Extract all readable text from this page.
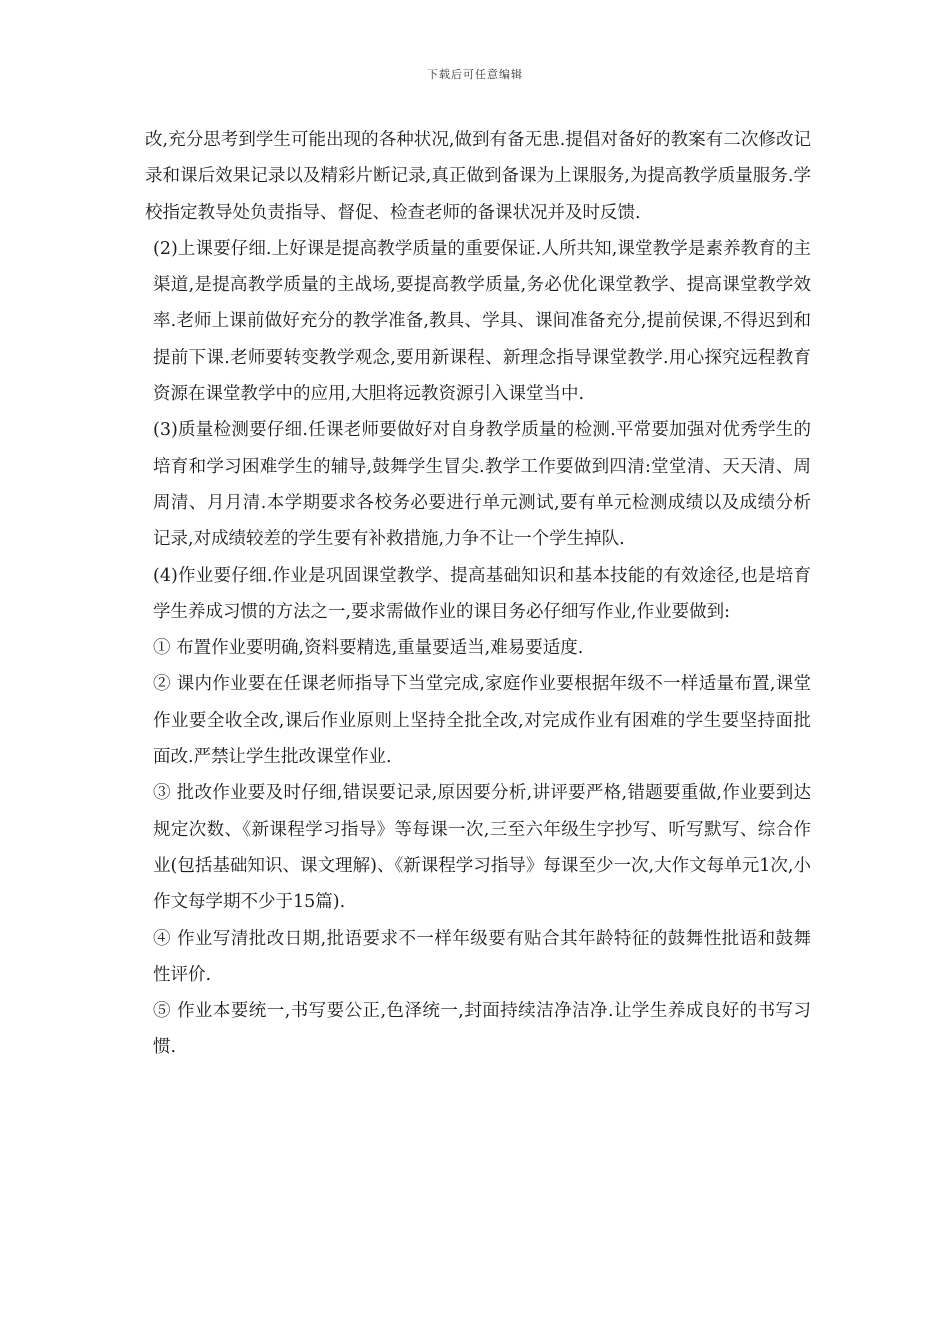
下载后可任意编辑

改,充分思考到学生可能出现的各种状况,做到有备无患.提倡对备好的教案有二次修改记录和课后效果记录以及精彩片断记录,真正做到备课为上课服务,为提高教学质量服务.学校指定教导处负责指导、督促、检查老师的备课状况并及时反馈.

(2)上课要仔细.上好课是提高教学质量的重要保证.人所共知,课堂教学是素养教育的主渠道,是提高教学质量的主战场,要提高教学质量,务必优化课堂教学、提高课堂教学效率.老师上课前做好充分的教学准备,教具、学具、课间准备充分,提前侯课,不得迟到和提前下课.老师要转变教学观念,要用新课程、新理念指导课堂教学.用心探究远程教育资源在课堂教学中的应用,大胆将远教资源引入课堂当中.

(3)质量检测要仔细.任课老师要做好对自身教学质量的检测.平常要加强对优秀学生的培育和学习困难学生的辅导,鼓舞学生冒尖.教学工作要做到四清:堂堂清、天天清、周周清、月月清.本学期要求各校务必要进行单元测试,要有单元检测成绩以及成绩分析记录,对成绩较差的学生要有补救措施,力争不让一个学生掉队.

(4)作业要仔细.作业是巩固课堂教学、提高基础知识和基本技能的有效途径,也是培育学生养成习惯的方法之一,要求需做作业的课目务必仔细写作业,作业要做到:

① 布置作业要明确,资料要精选,重量要适当,难易要适度.

② 课内作业要在任课老师指导下当堂完成,家庭作业要根据年级不一样适量布置,课堂作业要全收全改,课后作业原则上坚持全批全改,对完成作业有困难的学生要坚持面批面改.严禁让学生批改课堂作业.

③ 批改作业要及时仔细,错误要记录,原因要分析,讲评要严格,错题要重做,作业要到达规定次数、《新课程学习指导》等每课一次,三至六年级生字抄写、听写默写、综合作业(包括基础知识、课文理解)、《新课程学习指导》每课至少一次,大作文每单元1次,小作文每学期不少于15篇).

④ 作业写清批改日期,批语要求不一样年级要有贴合其年龄特征的鼓舞性批语和鼓舞性评价.

⑤ 作业本要统一,书写要公正,色泽统一,封面持续洁净洁净.让学生养成良好的书写习惯.
